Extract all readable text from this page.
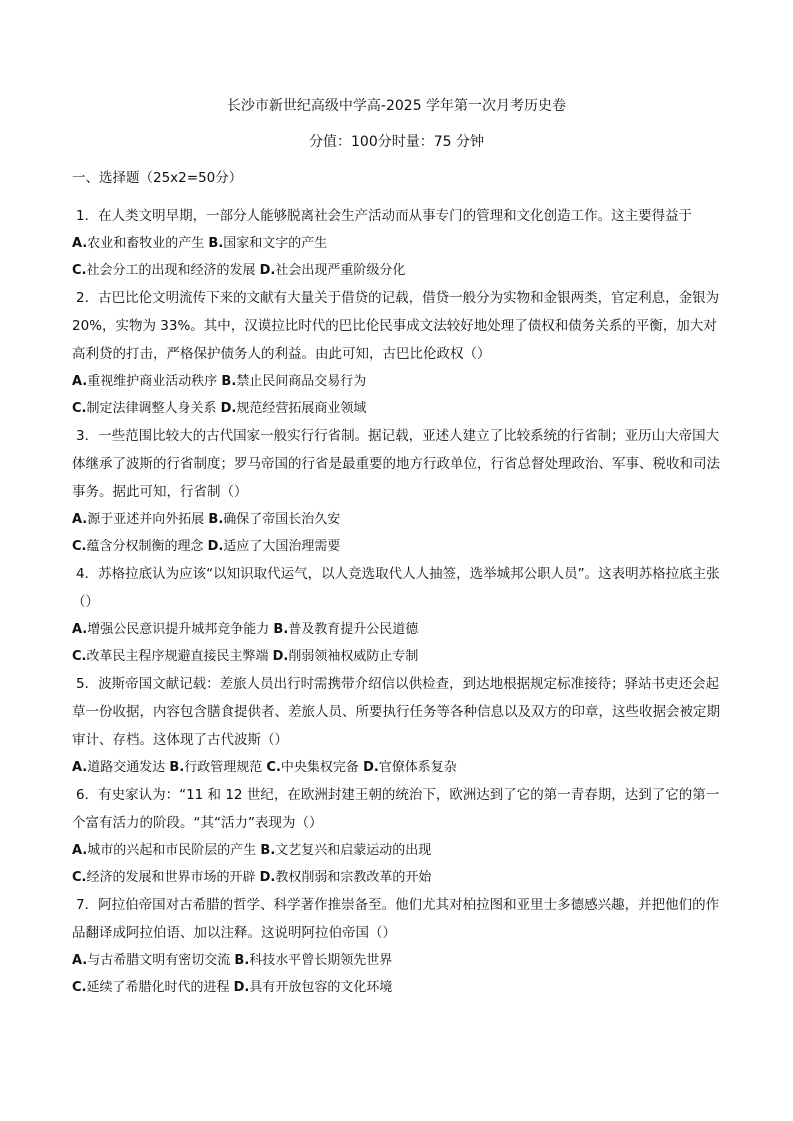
长沙市新世纪高级中学高-2025 学年第一次月考历史卷
分值：100分时量：75 分钟
一、选择题（25x2=50分）

1．在人类文明早期，一部分人能够脱离社会生产活动而从事专门的管理和文化创造工作。这主要得益于

A.农业和畜牧业的产生 B.国家和文字的产生

C.社会分工的出现和经济的发展 D.社会出现严重阶级分化

2．古巴比伦文明流传下来的文献有大量关于借贷的记载，借贷一般分为实物和金银两类，官定利息，金银为 20%，实物为 33%。其中，汉谟拉比时代的巴比伦民事成文法较好地处理了债权和债务关系的平衡，加大对高利贷的打击，严格保护债务人的利益。由此可知，古巴比伦政权（）

A.重视维护商业活动秩序 B.禁止民间商品交易行为

C.制定法律调整人身关系 D.规范经营拓展商业领域

3．一些范围比较大的古代国家一般实行行省制。据记载，亚述人建立了比较系统的行省制；亚历山大帝国大体继承了波斯的行省制度；罗马帝国的行省是最重要的地方行政单位，行省总督处理政治、军事、税收和司法事务。据此可知，行省制（）

A.源于亚述并向外拓展 B.确保了帝国长治久安

C.蕴含分权制衡的理念 D.适应了大国治理需要

4．苏格拉底认为应该“以知识取代运气，以人竞选取代人人抽签，选举城邦公职人员”。这表明苏格拉底主张（）

A.增强公民意识提升城邦竞争能力 B.普及教育提升公民道德

C.改革民主程序规避直接民主弊端 D.削弱领袖权威防止专制

5．波斯帝国文献记载：差旅人员出行时需携带介绍信以供检查，到达地根据规定标准接待；驿站书吏还会起草一份收据，内容包含膳食提供者、差旅人员、所要执行任务等各种信息以及双方的印章，这些收据会被定期审计、存档。这体现了古代波斯（）

A.道路交通发达 B.行政管理规范 C.中央集权完备 D.官僚体系复杂

6．有史家认为：“11 和 12 世纪，在欧洲封建王朝的统治下，欧洲达到了它的第一青春期，达到了它的第一个富有活力的阶段。“其“活力”表现为（）

A.城市的兴起和市民阶层的产生 B.文艺复兴和启蒙运动的出现

C.经济的发展和世界市场的开辟 D.教权削弱和宗教改革的开始

7．阿拉伯帝国对古希腊的哲学、科学著作推崇备至。他们尤其对柏拉图和亚里士多德感兴趣，并把他们的作品翻译成阿拉伯语、加以注释。这说明阿拉伯帝国（）

A.与古希腊文明有密切交流 B.科技水平曾长期领先世界

C.延续了希腊化时代的进程 D.具有开放包容的文化环境
